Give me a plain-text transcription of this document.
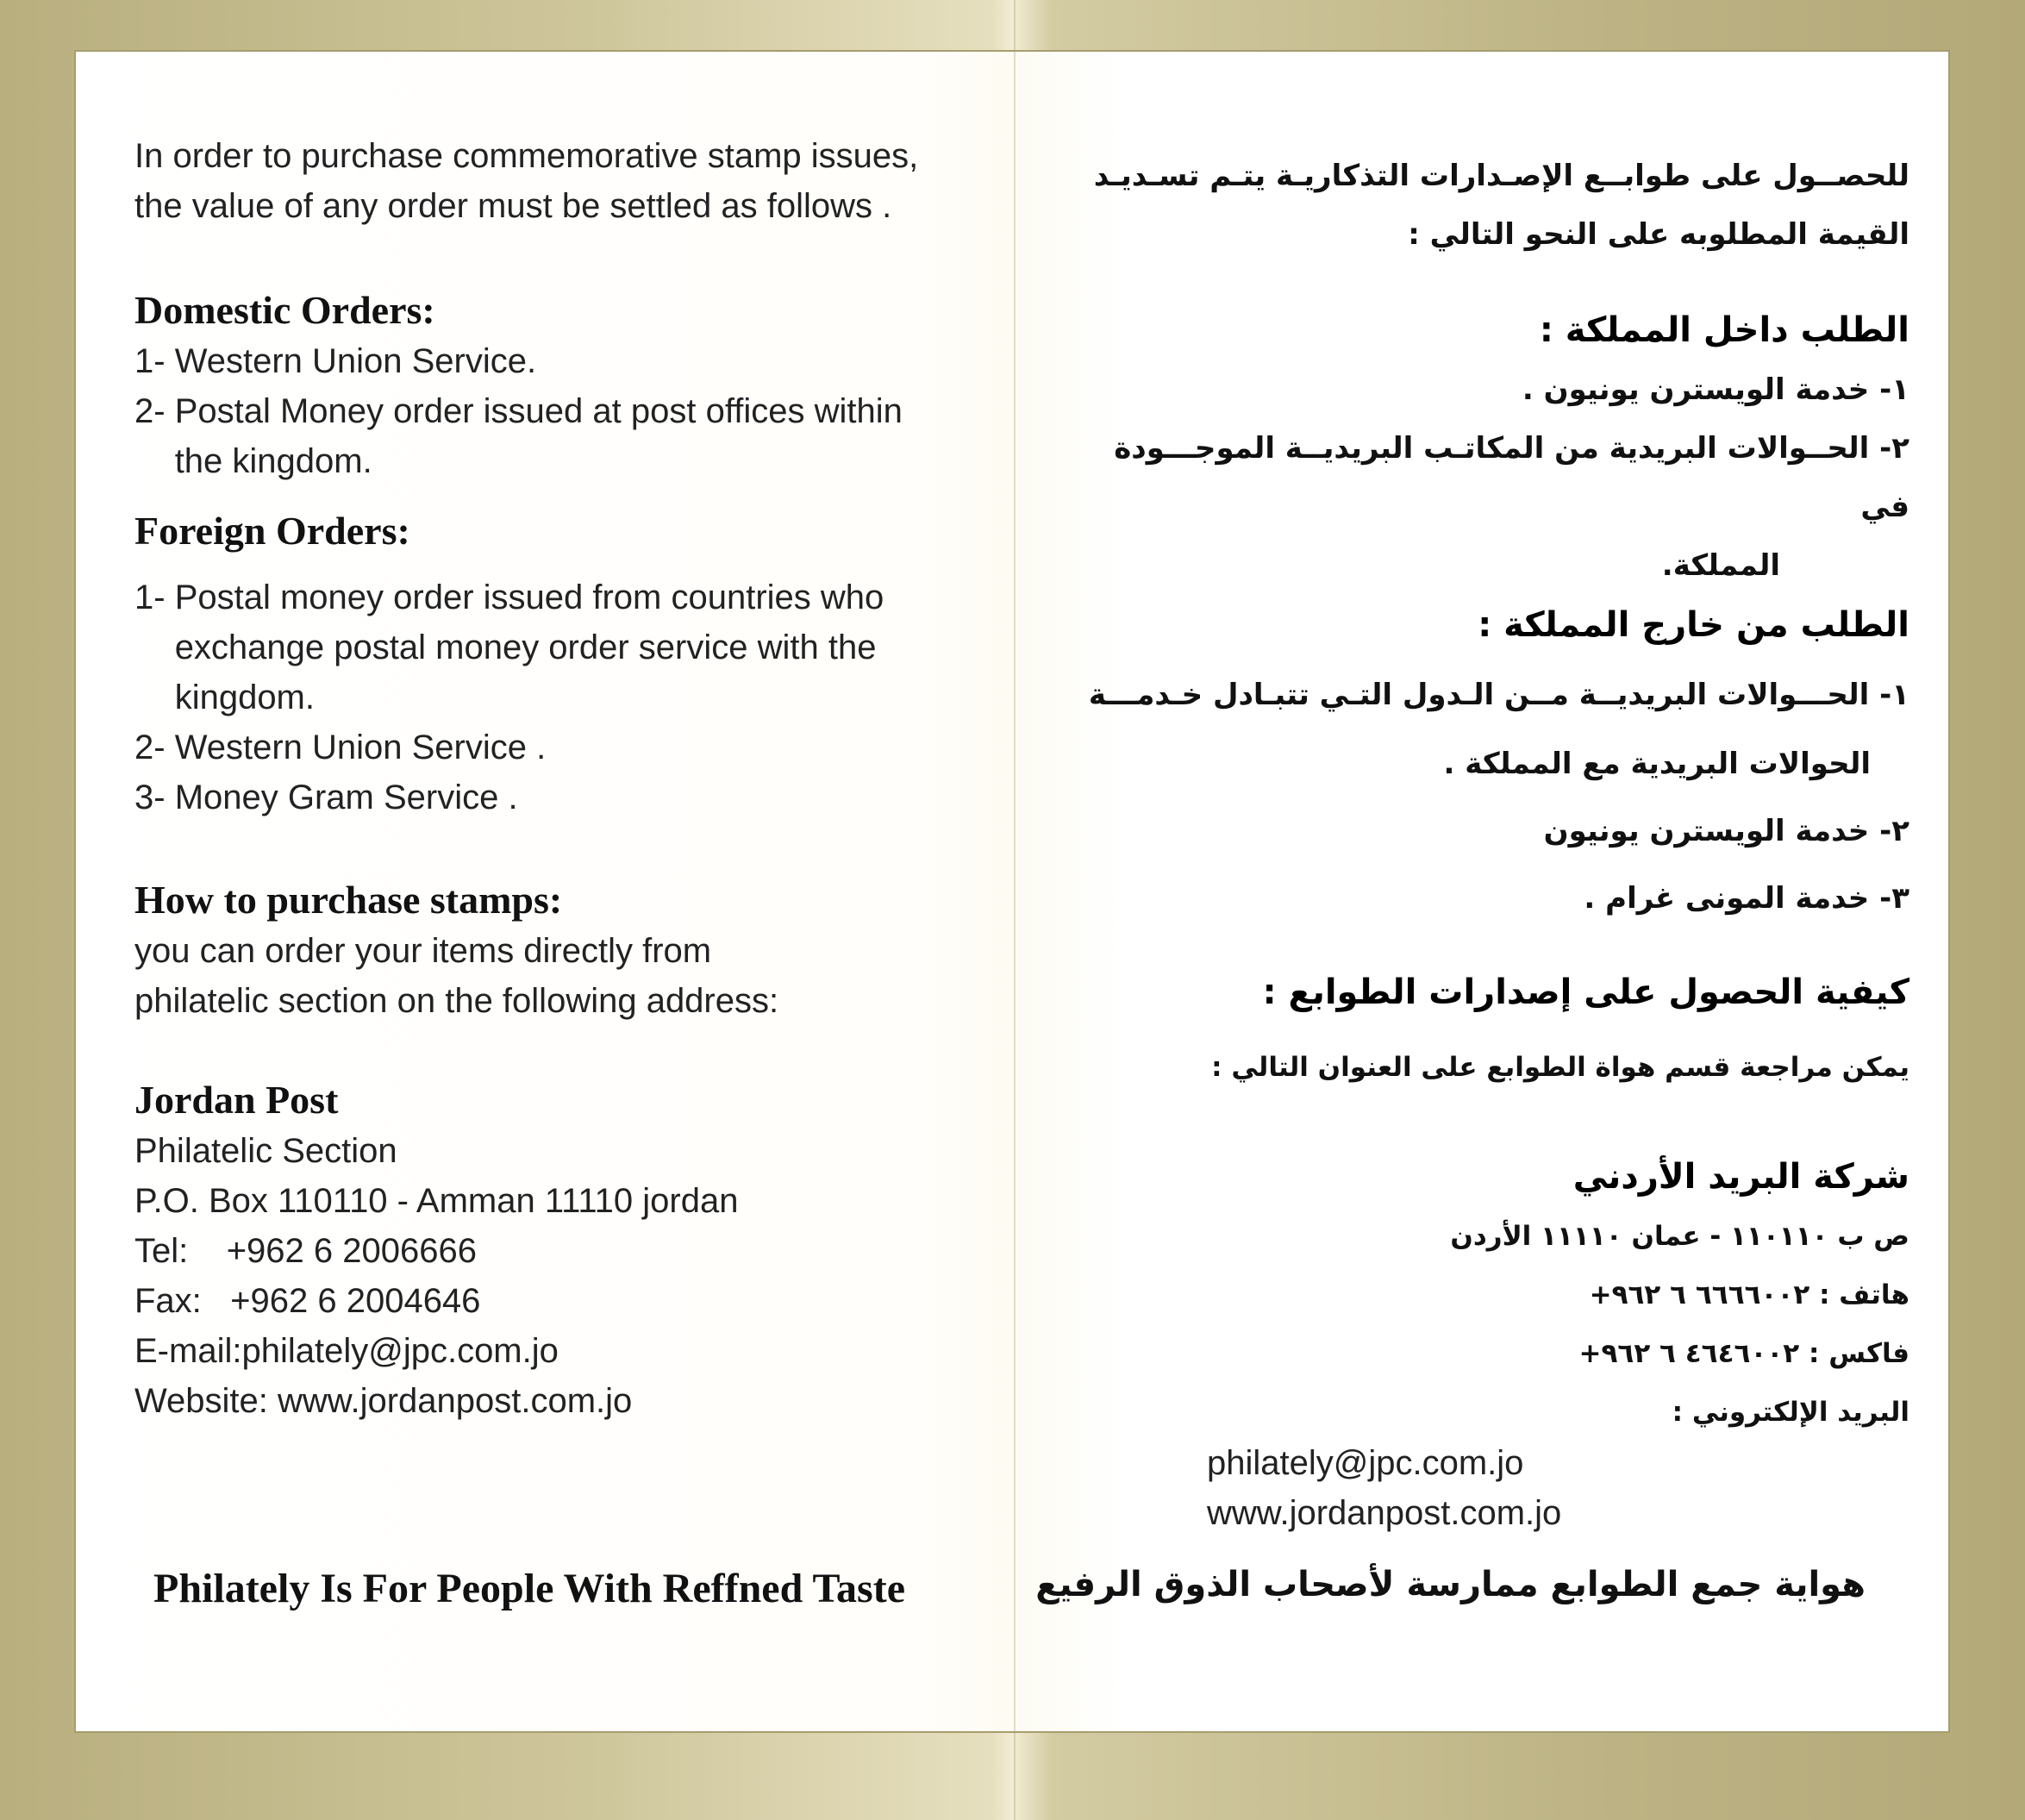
In order to purchase commemorative stamp issues,
the value of any order must be settled as follows .
Domestic Orders:
1- Western Union Service.
2- Postal Money order issued at post offices within
the kingdom.
Foreign Orders:
1- Postal money order issued from countries who
exchange postal money order service with the
kingdom.
2- Western Union Service .
3- Money Gram Service .
How to purchase stamps:
you can order your items directly from
philatelic section on the following address:
Jordan Post
Philatelic Section
P.O. Box 110110 - Amman 11110 jordan
Tel:    +962 6 2006666
Fax:   +962 6 2004646
E-mail:philately@jpc.com.jo
Website: www.jordanpost.com.jo
للحصــول على طوابــع الإصـدارات التذكاريـة يتـم تسـديـد
القيمة المطلوبه على النحو التالي :
الطلب داخل المملكة :
١- خدمة الويسترن يونيون .
٢- الحــوالات البريدية من المكاتـب البريديــة الموجـــودة في
المملكة.
الطلب من خارج المملكة :
١- الحـــوالات البريديــة مــن الـدول التـي تتبـادل خـدمـــة
الحوالات البريدية مع المملكة .
٢- خدمة الويسترن يونيون
٣- خدمة المونى غرام .
كيفية الحصول على إصدارات الطوابع :
يمكن مراجعة قسم هواة الطوابع على العنوان التالي :
شركة البريد الأردني
ص ب ١١٠١١٠ - عمان ١١١١٠ الأردن
هاتف : ٦٦٦٦٠٠٢ ٦ ٩٦٢+
فاكس : ٤٦٤٦٠٠٢ ٦ ٩٦٢+
البريد الإلكتروني :
philately@jpc.com.jo
www.jordanpost.com.jo
Philately Is For People With Reffned Taste	هواية جمع الطوابع ممارسة لأصحاب الذوق الرفيع
